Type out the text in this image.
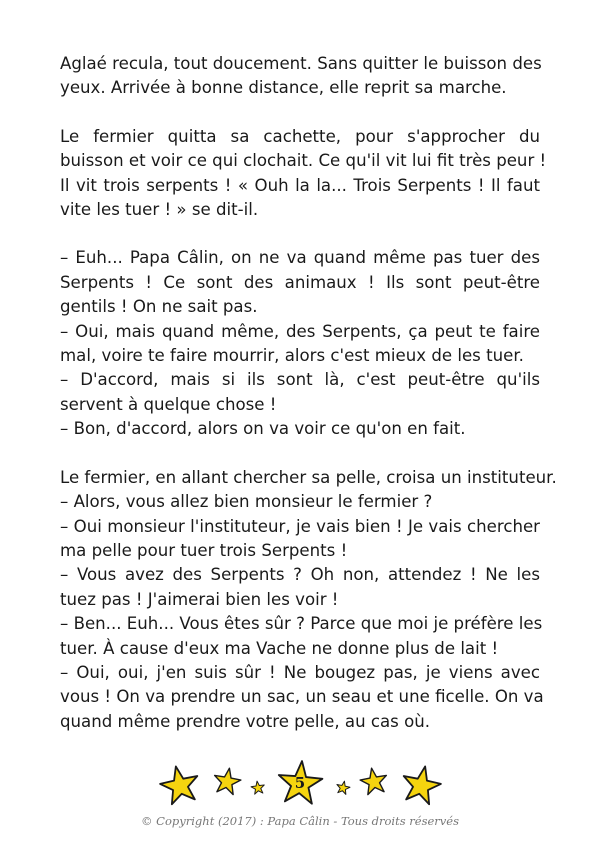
Aglaé recula, tout doucement. Sans quitter le buisson des
yeux. Arrivée à bonne distance, elle reprit sa marche.
Le fermier quitta sa cachette, pour s'approcher du
buisson et voir ce qui clochait. Ce qu'il vit lui fit très peur !
Il vit trois serpents ! « Ouh la la... Trois Serpents ! Il faut
vite les tuer ! » se dit-il.
– Euh... Papa Câlin, on ne va quand même pas tuer des
Serpents ! Ce sont des animaux ! Ils sont peut-être
gentils ! On ne sait pas.
– Oui, mais quand même, des Serpents, ça peut te faire
mal, voire te faire mourrir, alors c'est mieux de les tuer.
– D'accord, mais si ils sont là, c'est peut-être qu'ils
servent à quelque chose !
– Bon, d'accord, alors on va voir ce qu'on en fait.
Le fermier, en allant chercher sa pelle, croisa un instituteur.
– Alors, vous allez bien monsieur le fermier ?
– Oui monsieur l'instituteur, je vais bien ! Je vais chercher
ma pelle pour tuer trois Serpents !
– Vous avez des Serpents ? Oh non, attendez ! Ne les
tuez pas ! J'aimerai bien les voir !
– Ben... Euh... Vous êtes sûr ? Parce que moi je préfère les
tuer. À cause d'eux ma Vache ne donne plus de lait !
– Oui, oui, j'en suis sûr ! Ne bougez pas, je viens avec
vous ! On va prendre un sac, un seau et une ficelle. On va
quand même prendre votre pelle, au cas où.
5
© Copyright (2017) : Papa Câlin - Tous droits réservés
